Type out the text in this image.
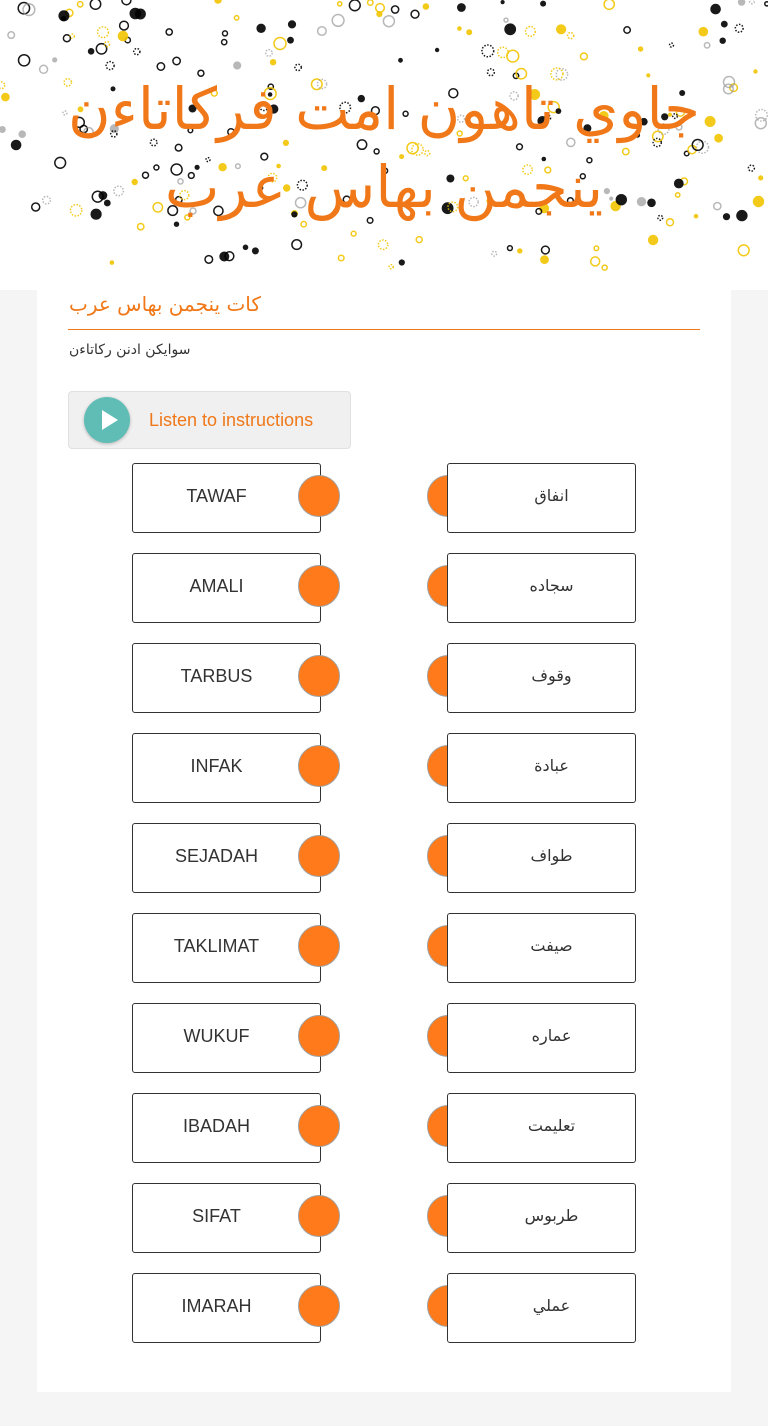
جاوي تاهون امت فركاتاءن ينجمن بهاس عرب
كات ينجمن بهاس عرب
سوايكن ادنن ركاتاءن
Listen to instructions
TAWAF	انفاق
AMALI	سجاده
TARBUS	وقوف
INFAK	عبادة
SEJADAH	طواف
TAKLIMAT	صيفت
WUKUF	عماره
IBADAH	تعليمت
SIFAT	طربوس
IMARAH	عملي
